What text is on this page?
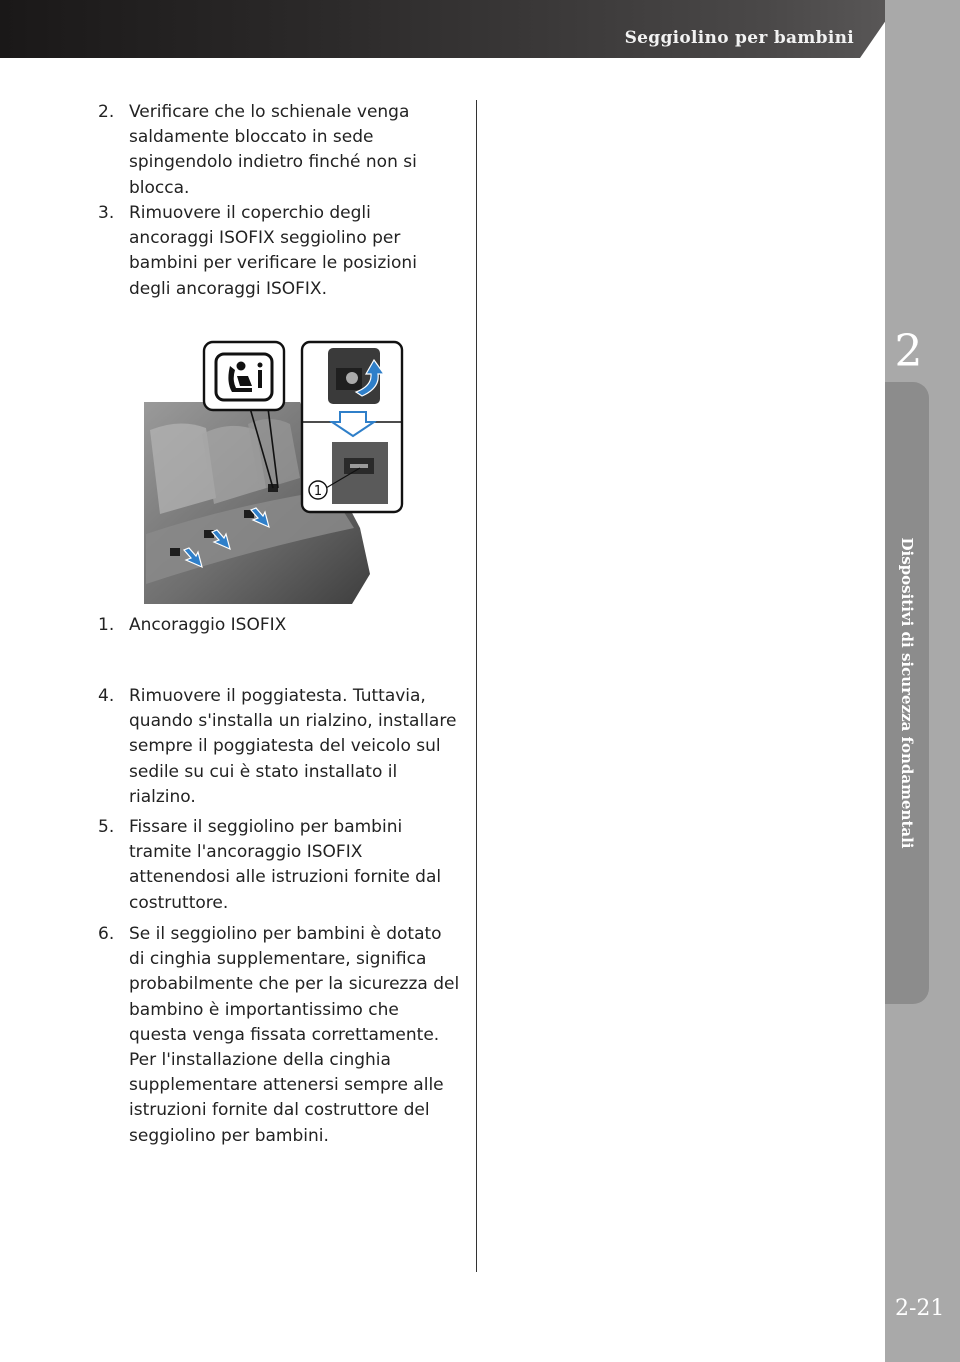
Seggiolino per bambini
2
Dispositivi di sicurezza fondamentali
2-21
2. Verificare che lo schienale venga saldamente bloccato in sede spingendolo indietro finché non si blocca.
3. Rimuovere il coperchio degli ancoraggi ISOFIX seggiolino per bambini per verificare le posizioni degli ancoraggi ISOFIX.
1
1. Ancoraggio ISOFIX
4. Rimuovere il poggiatesta. Tuttavia, quando s'installa un rialzino, installare sempre il poggiatesta del veicolo sul sedile su cui è stato installato il rialzino.
5. Fissare il seggiolino per bambini tramite l'ancoraggio ISOFIX attenendosi alle istruzioni fornite dal costruttore.
6. Se il seggiolino per bambini è dotato di cinghia supplementare, significa probabilmente che per la sicurezza del bambino è importantissimo che questa venga fissata correttamente. Per l'installazione della cinghia supplementare attenersi sempre alle istruzioni fornite dal costruttore del seggiolino per bambini.
